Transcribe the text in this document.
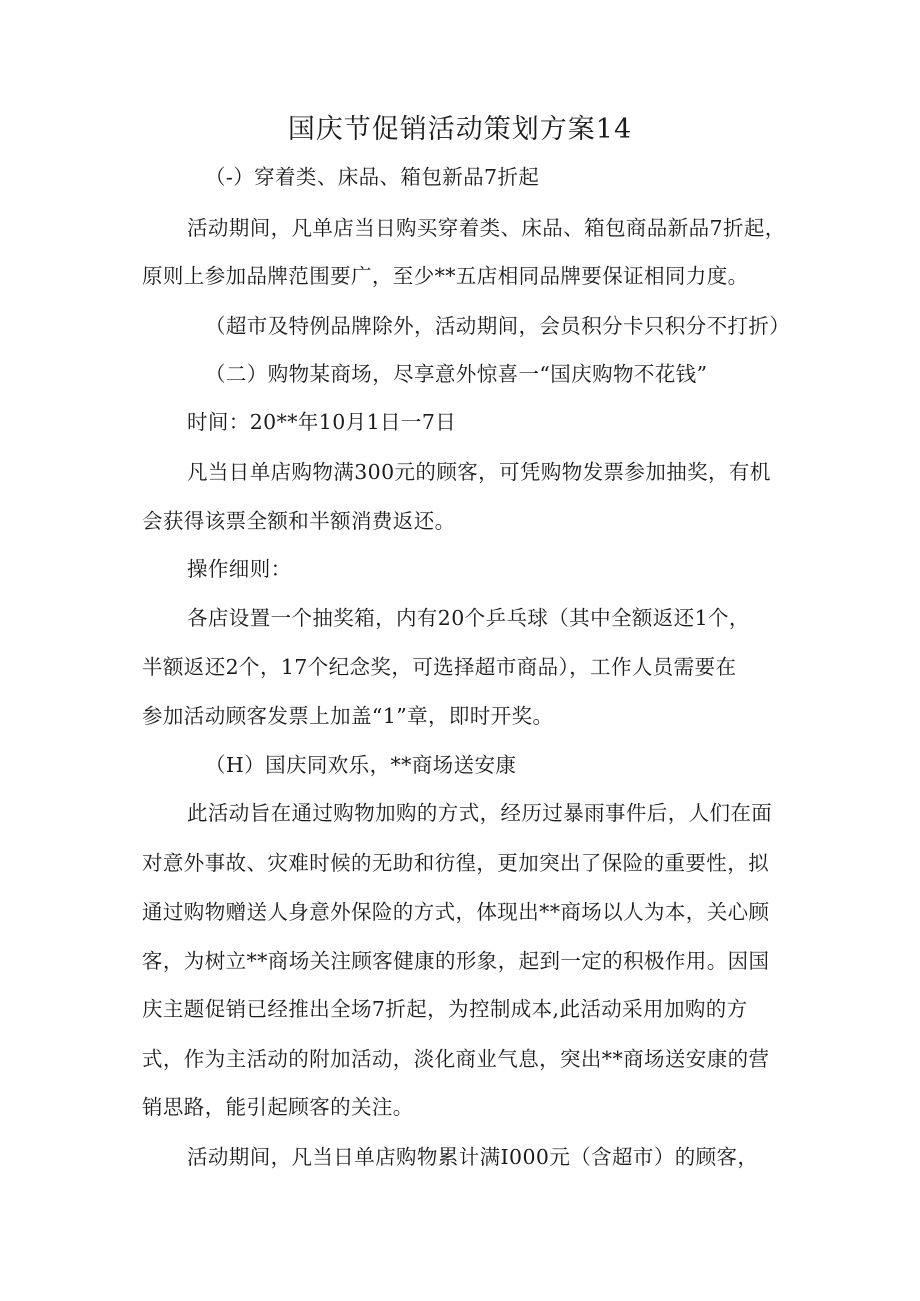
国庆节促销活动策划方案14
（-）穿着类、床品、箱包新品7折起
活动期间，凡单店当日购买穿着类、床品、箱包商品新品7折起，
原则上参加品牌范围要广，至少**五店相同品牌要保证相同力度。
（超市及特例品牌除外，活动期间，会员积分卡只积分不打折）
（二）购物某商场，尽享意外惊喜一“国庆购物不花钱”
时间：20**年10月1日一7日
凡当日单店购物满300元的顾客，可凭购物发票参加抽奖，有机
会获得该票全额和半额消费返还。
操作细则：
各店设置一个抽奖箱，内有20个乒乓球（其中全额返还1个，
半额返还2个，17个纪念奖，可选择超市商品），工作人员需要在
参加活动顾客发票上加盖“1”章，即时开奖。
（H）国庆同欢乐，**商场送安康
此活动旨在通过购物加购的方式，经历过暴雨事件后，人们在面
对意外事故、灾难时候的无助和彷徨，更加突出了保险的重要性，拟
通过购物赠送人身意外保险的方式，体现出**商场以人为本，关心顾
客，为树立**商场关注顾客健康的形象，起到一定的积极作用。因国
庆主题促销已经推出全场7折起，为控制成本,此活动采用加购的方
式，作为主活动的附加活动，淡化商业气息，突出**商场送安康的营
销思路，能引起顾客的关注。
活动期间，凡当日单店购物累计满I000元（含超市）的顾客，
